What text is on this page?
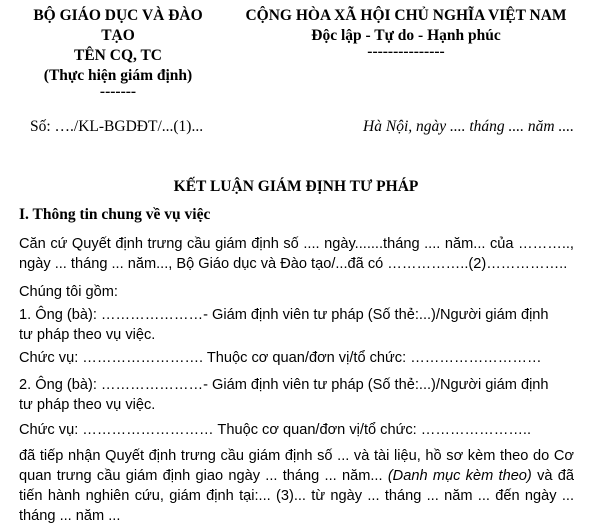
BỘ GIÁO DỤC VÀ ĐÀO
TẠO
TÊN CQ, TC
(Thực hiện giám định)
-------
CỘNG HÒA XÃ HỘI CHỦ NGHĨA VIỆT NAM
Độc lập - Tự do - Hạnh phúc
---------------
Số: …./KL-BGDĐT/...(1)...	Hà Nội, ngày .... tháng .... năm ....
KẾT LUẬN GIÁM ĐỊNH TƯ PHÁP
I. Thông tin chung về vụ việc
Căn cứ Quyết định trưng cầu giám định số .... ngày.......tháng .... năm... của ……….., ngày ... tháng ... năm..., Bộ Giáo dục và Đào tạo/...đã có ……………..(2)……………..
Chúng tôi gồm:
1. Ông (bà): …………………- Giám định viên tư pháp (Số thẻ:...)/Người giám định
tư pháp theo vụ việc.
Chức vụ: ……………………. Thuộc cơ quan/đơn vị/tổ chức: ………………………
2. Ông (bà): …………………- Giám định viên tư pháp (Số thẻ:...)/Người giám định
tư pháp theo vụ việc.
Chức vụ: ……………………… Thuộc cơ quan/đơn vị/tổ chức: …………………..
đã tiếp nhận Quyết định trưng cầu giám định số ... và tài liệu, hồ sơ kèm theo do Cơ quan trưng cầu giám định giao ngày ... tháng ... năm... (Danh mục kèm theo) và đã tiến hành nghiên cứu, giám định tại:... (3)... từ ngày ... tháng ... năm ... đến ngày ... tháng ... năm ...
